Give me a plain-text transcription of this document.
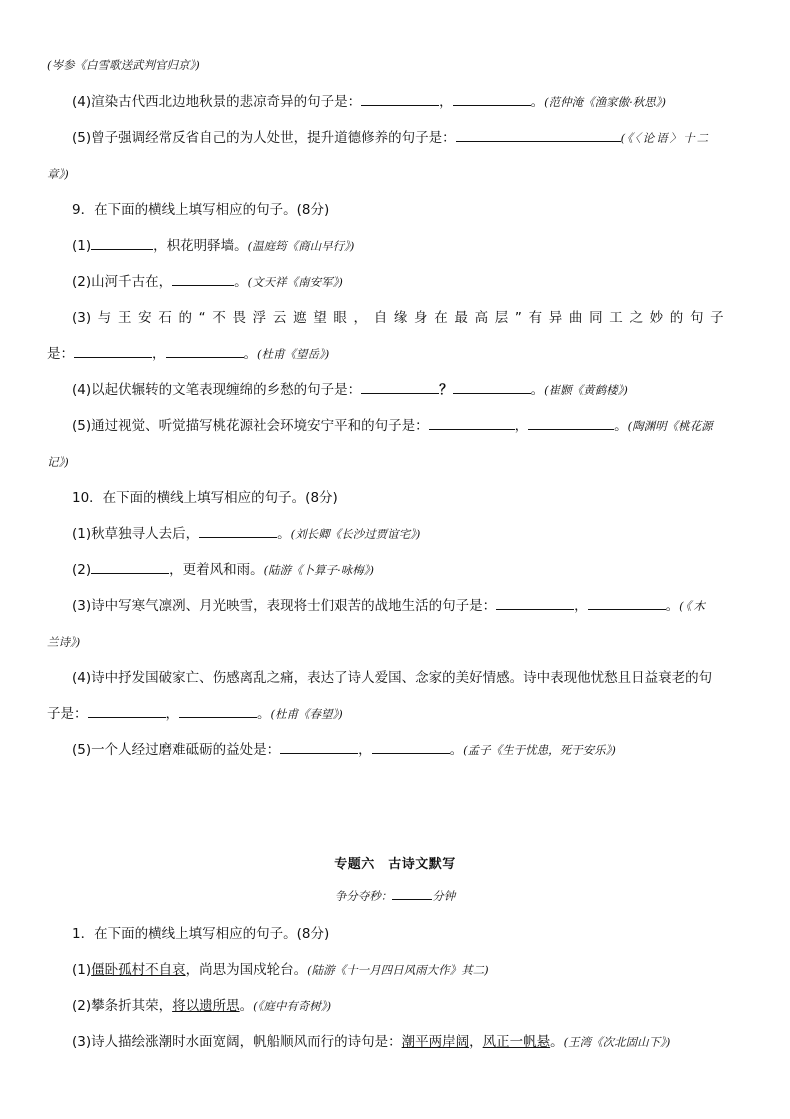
(岑参《白雪歌送武判官归京》)
(4)渲染古代西北边地秋景的悲凉奇异的句子是：	，	。(范仲淹《渔家傲·秋思》)
(5)曾子强调经常反省自己的为人处世，提升道德修养的句子是：	(《〈论语〉十二
章》)
9．在下面的横线上填写相应的句子。(8分)
(1)	，枳花明驿墙。(温庭筠《商山早行》)
(2)山河千古在，	。(文天祥《南安军》)
(3) 与 王 安 石 的 “ 不 畏 浮 云 遮 望 眼 ， 自 缘 身 在 最 高 层 ” 有 异 曲 同 工 之 妙 的 句 子
是：	，	。(杜甫《望岳》)
(4)以起伏辗转的文笔表现缠绵的乡愁的句子是：	？	。(崔颢《黄鹤楼》)
(5)通过视觉、听觉描写桃花源社会环境安宁平和的句子是：	，	。(陶渊明《桃花源
记》)
10．在下面的横线上填写相应的句子。(8分)
(1)秋草独寻人去后，	。(刘长卿《长沙过贾谊宅》)
(2)	，更着风和雨。(陆游《卜算子·咏梅》)
(3)诗中写寒气凛冽、月光映雪，表现将士们艰苦的战地生活的句子是：	，	。(《木
兰诗》)
(4)诗中抒发国破家亡、伤感离乱之痛，表达了诗人爱国、念家的美好情感。诗中表现他忧愁且日益衰老的句
子是：	，	。(杜甫《春望》)
(5)一个人经过磨难砥砺的益处是：	，	。(孟子《生于忧患，死于安乐》)
专题六　古诗文默写
争分夺秒：	分钟
1．在下面的横线上填写相应的句子。(8分)
(1)僵卧孤村不自哀，尚思为国戍轮台。(陆游《十一月四日风雨大作》其二)
(2)攀条折其荣，将以遗所思。(《庭中有奇树》)
(3)诗人描绘涨潮时水面宽阔，帆船顺风而行的诗句是：潮平两岸阔，风正一帆悬。(王湾《次北固山下》)
